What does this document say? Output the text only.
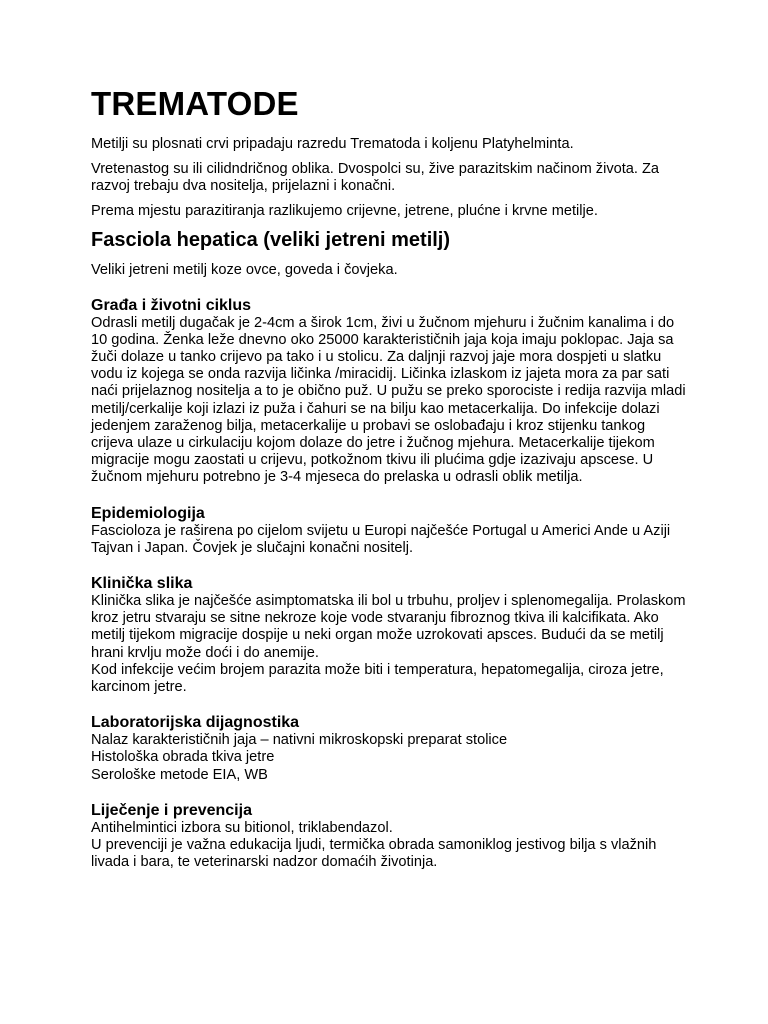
TREMATODE

Metilji su plosnati crvi pripadaju razredu Trematoda i koljenu Platyhelminta.

Vretenastog su ili cilidndričnog oblika. Dvospolci su, žive parazitskim načinom života. Za razvoj trebaju dva nositelja, prijelazni i konačni.

Prema mjestu parazitiranja razlikujemo crijevne, jetrene, plućne i krvne metilje.

Fasciola hepatica (veliki jetreni metilj)

Veliki jetreni metilj koze ovce, goveda i čovjeka.

Građa i životni ciklus

Odrasli metilj dugačak je 2-4cm a širok 1cm, živi u žučnom mjehuru i žučnim kanalima i do 10 godina. Ženka leže dnevno oko 25000 karakterističnih jaja koja imaju poklopac. Jaja sa žuči dolaze u tanko crijevo pa tako i u stolicu. Za daljnji razvoj jaje mora dospjeti u slatku vodu iz kojega se onda razvija ličinka /miracidij. Ličinka izlaskom iz jajeta mora za par sati naći prijelaznog nositelja a to je obično puž. U pužu se preko sporociste i redija razvija mladi metilj/cerkalije koji izlazi iz puža i čahuri se na bilju kao metacerkalija. Do infekcije dolazi jedenjem zaraženog bilja, metacerkalije u probavi se oslobađaju i kroz stijenku tankog crijeva ulaze u cirkulaciju kojom dolaze do jetre i žučnog mjehura. Metacerkalije tijekom migracije mogu zaostati u crijevu, potkožnom tkivu ili plućima gdje izazivaju apscese. U žučnom mjehuru potrebno je 3-4 mjeseca do prelaska u odrasli oblik metilja.

Epidemiologija

Fascioloza je raširena po cijelom svijetu u Europi najčešće Portugal u Americi Ande u Aziji Tajvan i Japan. Čovjek je slučajni konačni nositelj.

Klinička slika

Klinička slika je najčešće asimptomatska ili bol u trbuhu, proljev i splenomegalija. Prolaskom kroz jetru stvaraju se sitne nekroze koje vode stvaranju fibroznog tkiva ili kalcifikata. Ako metilj tijekom migracije dospije u neki organ može uzrokovati apsces. Budući da se metilj hrani krvlju može doći i do anemije.

Kod infekcije većim brojem parazita može biti i temperatura, hepatomegalija, ciroza jetre, karcinom jetre.

Laboratorijska dijagnostika

Nalaz karakterističnih jaja – nativni mikroskopski preparat stolice

Histološka obrada tkiva jetre

Serološke metode EIA, WB

Liječenje i prevencija

Antihelmintici izbora su bitionol, triklabendazol.

U prevenciji je važna edukacija ljudi, termička obrada samoniklog jestivog bilja s vlažnih livada i bara, te veterinarski nadzor domaćih životinja.
